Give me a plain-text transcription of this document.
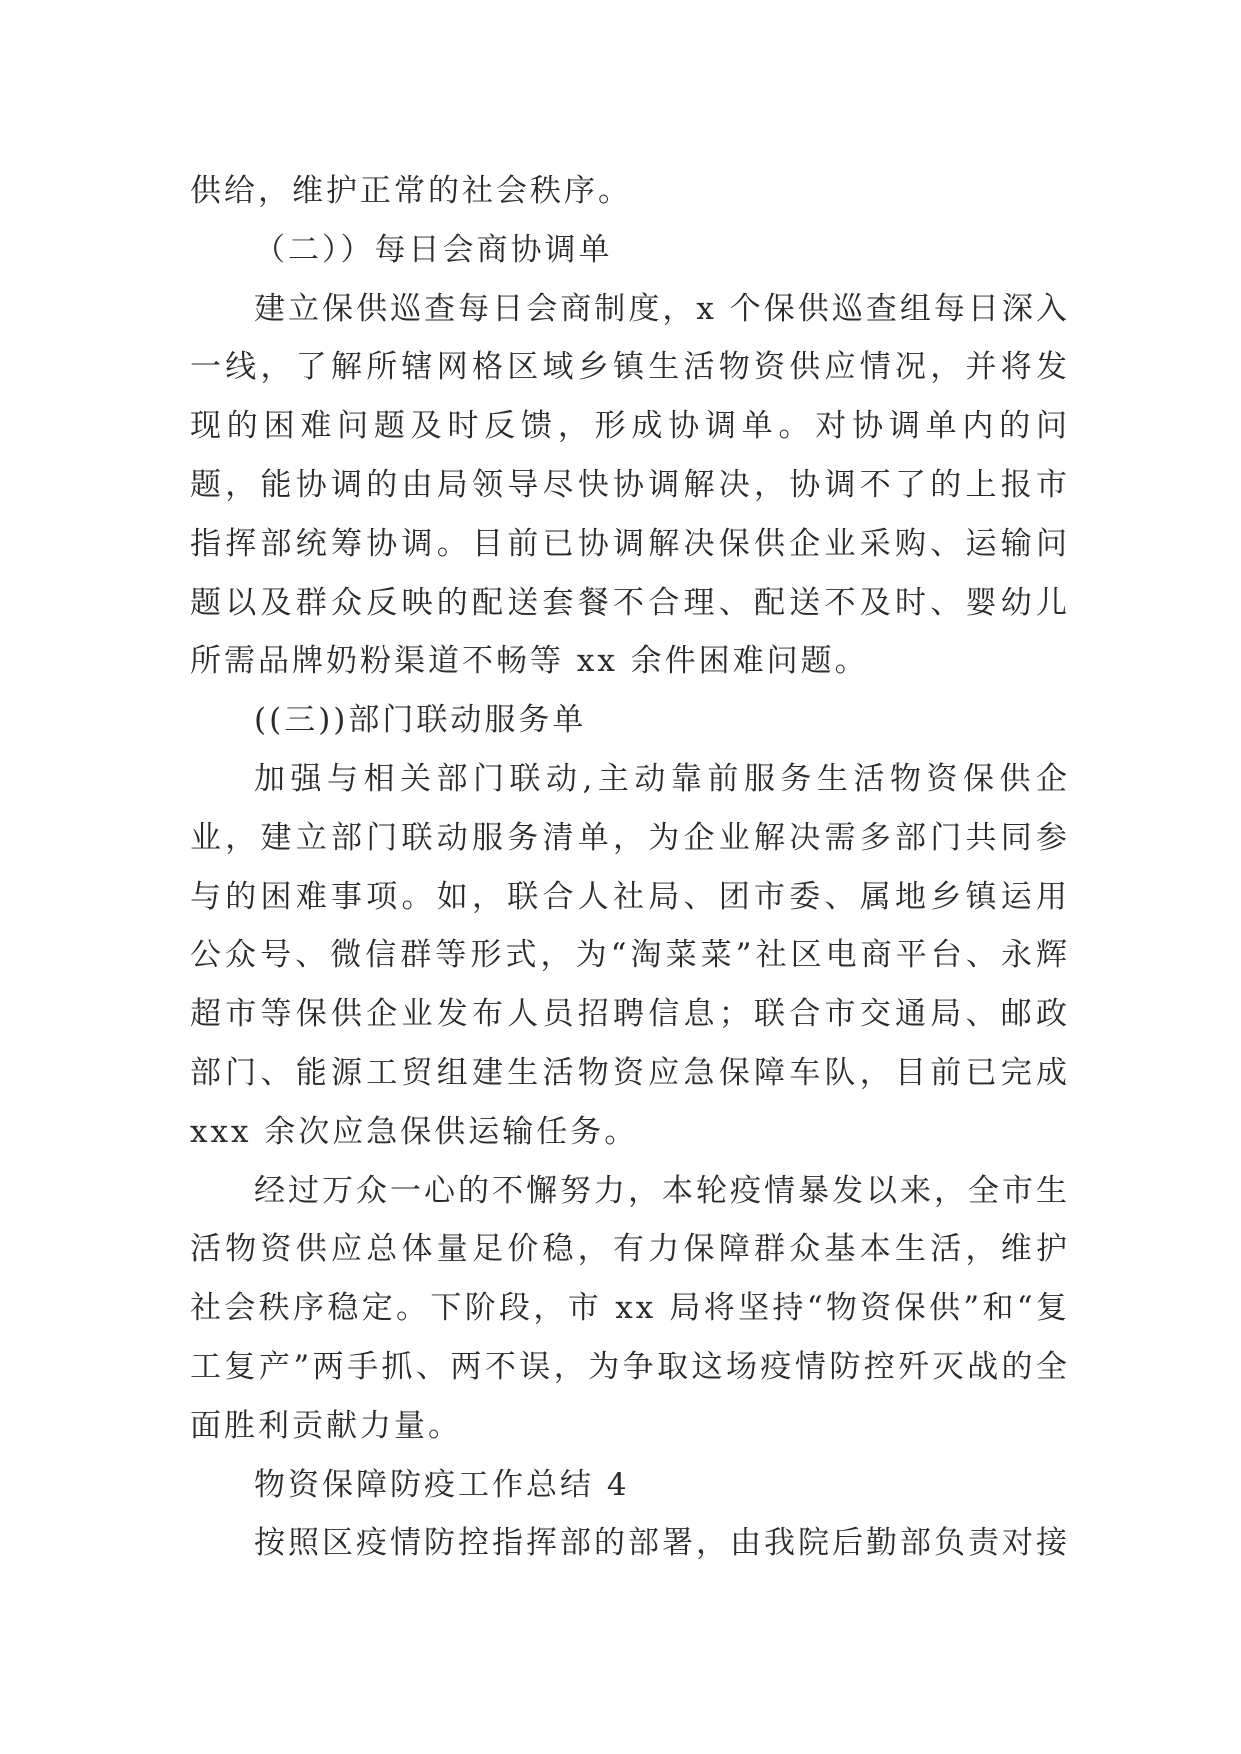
供给，维护正常的社会秩序。

（二））每日会商协调单

建立保供巡查每日会商制度，x 个保供巡查组每日深入一线，了解所辖网格区域乡镇生活物资供应情况，并将发现的困难问题及时反馈，形成协调单。对协调单内的问题，能协调的由局领导尽快协调解决，协调不了的上报市指挥部统筹协调。目前已协调解决保供企业采购、运输问题以及群众反映的配送套餐不合理、配送不及时、婴幼儿所需品牌奶粉渠道不畅等 xx 余件困难问题。

((三))部门联动服务单

加强与相关部门联动,主动靠前服务生活物资保供企业，建立部门联动服务清单，为企业解决需多部门共同参与的困难事项。如，联合人社局、团市委、属地乡镇运用公众号、微信群等形式，为“淘菜菜”社区电商平台、永辉超市等保供企业发布人员招聘信息；联合市交通局、邮政部门、能源工贸组建生活物资应急保障车队，目前已完成 xxx 余次应急保供运输任务。

经过万众一心的不懈努力，本轮疫情暴发以来，全市生活物资供应总体量足价稳，有力保障群众基本生活，维护社会秩序稳定。下阶段，市 xx 局将坚持“物资保供”和“复工复产”两手抓、两不误，为争取这场疫情防控歼灭战的全面胜利贡献力量。

物资保障防疫工作总结 4

按照区疫情防控指挥部的部署，由我院后勤部负责对接
